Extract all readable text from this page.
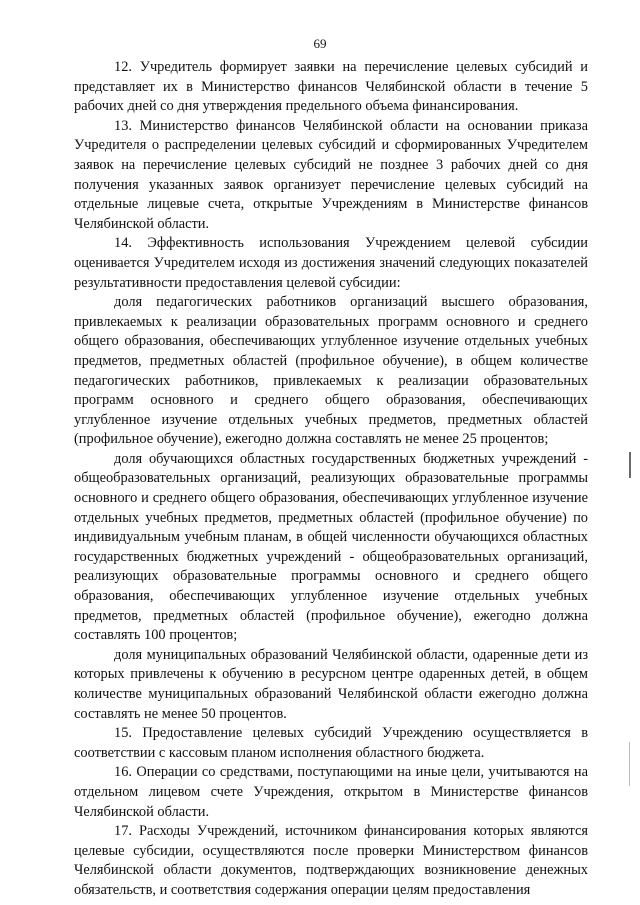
69

12. Учредитель формирует заявки на перечисление целевых субсидий и представляет их в Министерство финансов Челябинской области в течение 5 рабочих дней со дня утверждения предельного объема финансирования.

13. Министерство финансов Челябинской области на основании приказа Учредителя о распределении целевых субсидий и сформированных Учредителем заявок на перечисление целевых субсидий не позднее 3 рабочих дней со дня получения указанных заявок организует перечисление целевых субсидий на отдельные лицевые счета, открытые Учреждениям в Министерстве финансов Челябинской области.

14. Эффективность использования Учреждением целевой субсидии оценивается Учредителем исходя из достижения значений следующих показателей результативности предоставления целевой субсидии:

доля педагогических работников организаций высшего образования, привлекаемых к реализации образовательных программ основного и среднего общего образования, обеспечивающих углубленное изучение отдельных учебных предметов, предметных областей (профильное обучение), в общем количестве педагогических работников, привлекаемых к реализации образовательных программ основного и среднего общего образования, обеспечивающих углубленное изучение отдельных учебных предметов, предметных областей (профильное обучение), ежегодно должна составлять не менее 25 процентов;

доля обучающихся областных государственных бюджетных учреждений - общеобразовательных организаций, реализующих образовательные программы основного и среднего общего образования, обеспечивающих углубленное изучение отдельных учебных предметов, предметных областей (профильное обучение) по индивидуальным учебным планам, в общей численности обучающихся областных государственных бюджетных учреждений - общеобразовательных организаций, реализующих образовательные программы основного и среднего общего образования, обеспечивающих углубленное изучение отдельных учебных предметов, предметных областей (профильное обучение), ежегодно должна составлять 100 процентов;

доля муниципальных образований Челябинской области, одаренные дети из которых привлечены к обучению в ресурсном центре одаренных детей, в общем количестве муниципальных образований Челябинской области ежегодно должна составлять не менее 50 процентов.

15. Предоставление целевых субсидий Учреждению осуществляется в соответствии с кассовым планом исполнения областного бюджета.

16. Операции со средствами, поступающими на иные цели, учитываются на отдельном лицевом счете Учреждения, открытом в Министерстве финансов Челябинской области.

17. Расходы Учреждений, источником финансирования которых являются целевые субсидии, осуществляются после проверки Министерством финансов Челябинской области документов, подтверждающих возникновение денежных обязательств, и соответствия содержания операции целям предоставления
